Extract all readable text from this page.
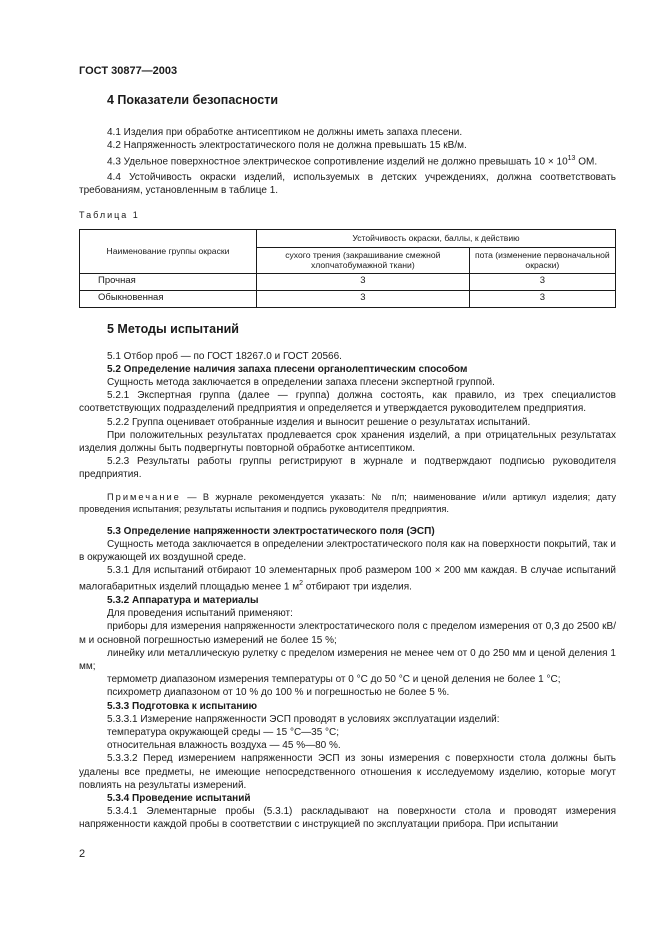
ГОСТ 30877—2003
4 Показатели безопасности

4.1 Изделия при обработке антисептиком не должны иметь запаха плесени.

4.2 Напряженность электростатического поля не должна превышать 15 кВ/м.

4.3 Удельное поверхностное электрическое сопротивление изделий не должно превышать $10 \times 10^{13}$ ОМ.

4.4 Устойчивость окраски изделий, используемых в детских учреждениях, должна соответствовать требованиям, установленным в таблице 1.

Таблица 1

Наименование группы окраски	Устойчивость окраски, баллы, к действию	
	сухого трения (закрашивание смежной хлопчатобумажной ткани)	пота (изменение первоначальной окраски)
Прочная	3	3
Обыкновенная	3	3
5 Методы испытаний

5.1 Отбор проб — по ГОСТ 18267.0 и ГОСТ 20566.

5.2 Определение наличия запаха плесени органолептическим способом

Сущность метода заключается в определении запаха плесени экспертной группой.

5.2.1 Экспертная группа (далее — группа) должна состоять, как правило, из трех специалистов соответствующих подразделений предприятия и определяется и утверждается руководителем предприятия.

5.2.2 Группа оценивает отобранные изделия и выносит решение о результатах испытаний.

При положительных результатах продлевается срок хранения изделий, а при отрицательных результатах изделия должны быть подвергнуты повторной обработке антисептиком.

5.2.3 Результаты работы группы регистрируют в журнале и подтверждают подписью руководителя предприятия.

Примечание — В журнале рекомендуется указать: № п/п; наименование и/или артикул изделия; дату проведения испытания; результаты испытания и подпись руководителя предприятия.

5.3 Определение напряженности электростатического поля (ЭСП)

Сущность метода заключается в определении электростатического поля как на поверхности покрытий, так и в окружающей их воздушной среде.

5.3.1 Для испытаний отбирают 10 элементарных проб размером 100 × 200 мм каждая. В случае испытаний малогабаритных изделий площадью менее 1 $м^2$ отбирают три изделия.

5.3.2 Аппаратура и материалы

Для проведения испытаний применяют:

приборы для измерения напряженности электростатического поля с пределом измерения от 0,3 до 2500 кВ/м и основной погрешностью измерений не более 15 %;

линейку или металлическую рулетку с пределом измерения не менее чем от 0 до 250 мм и ценой деления 1 мм;

термометр диапазоном измерения температуры от 0 °С до 50 °С и ценой деления не более 1 °С;

психрометр диапазоном от 10 % до 100 % и погрешностью не более 5 %.

5.3.3 Подготовка к испытанию

5.3.3.1 Измерение напряженности ЭСП проводят в условиях эксплуатации изделий:

температура окружающей среды — 15 °С—35 °С;

относительная влажность воздуха — 45 %—80 %.

5.3.3.2 Перед измерением напряженности ЭСП из зоны измерения с поверхности стола должны быть удалены все предметы, не имеющие непосредственного отношения к исследуемому изделию, которые могут повлиять на результаты измерений.

5.3.4 Проведение испытаний

5.3.4.1 Элементарные пробы (5.3.1) раскладывают на поверхности стола и проводят измерения напряженности каждой пробы в соответствии с инструкцией по эксплуатации прибора. При испытании

2
